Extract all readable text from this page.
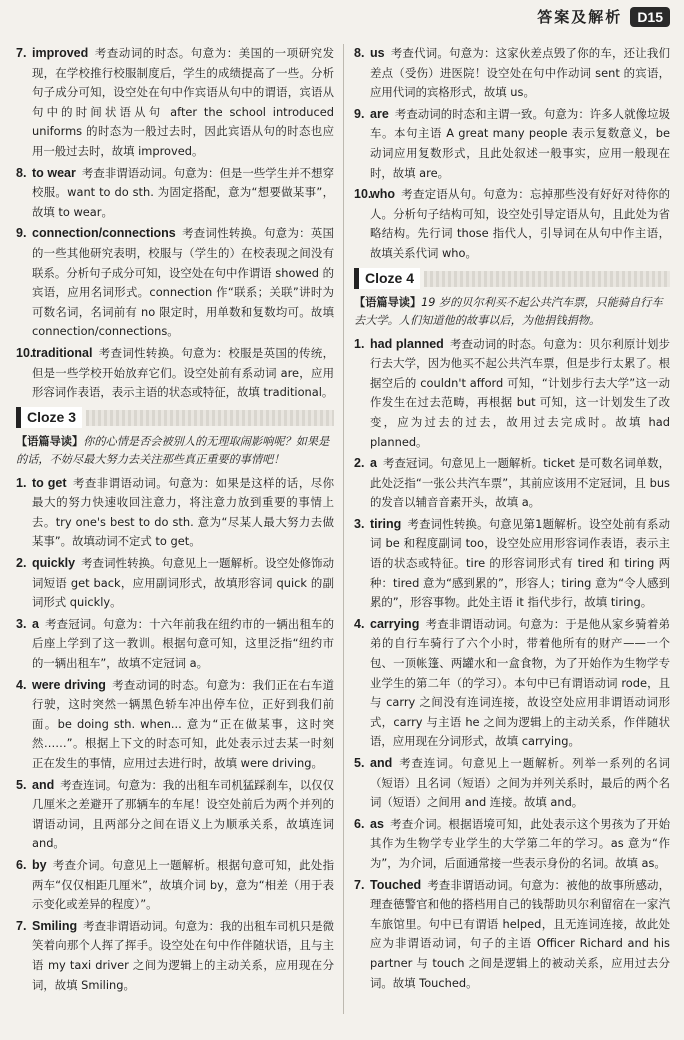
答案及解析	D15
7. improved 考查动词的时态。句意为：美国的一项研究发现，在学校推行校服制度后，学生的成绩提高了一些。分析句子成分可知，设空处在句中作宾语从句中的谓语，宾语从句中的时间状语从句 after the school introduced uniforms 的时态为一般过去时，因此宾语从句的时态也应用一般过去时，故填 improved。
8. to wear 考查非谓语动词。句意为：但是一些学生并不想穿校服。want to do sth. 为固定搭配，意为“想要做某事”，故填 to wear。
9. connection/connections 考查词性转换。句意为：英国的一些其他研究表明，校服与（学生的）在校表现之间没有联系。分析句子成分可知，设空处在句中作谓语 showed 的宾语，应用名词形式。connection 作“联系；关联”讲时为可数名词，名词前有 no 限定时，用单数和复数均可。故填 connection/connections。
10.
traditional 考查词性转换。句意为：校服是英国的传统，但是一些学校开始放弃它们。设空处前有系动词 are，应用形容词作表语，表示主语的状态或特征，故填 traditional。
Cloze 3
【语篇导读】你的心情是否会被别人的无理取闹影响呢？如果是的话，不妨尽最大努力去关注那些真正重要的事情吧！
1. to get 考查非谓语动词。句意为：如果是这样的话，尽你最大的努力快速收回注意力，将注意力放到重要的事情上去。try one's best to do sth. 意为“尽某人最大努力去做某事”。故填动词不定式 to get。
2. quickly 考查词性转换。句意见上一题解析。设空处修饰动词短语 get back，应用副词形式，故填形容词 quick 的副词形式 quickly。
3. a 考查冠词。句意为：十六年前我在纽约市的一辆出租车的后座上学到了这一教训。根据句意可知，这里泛指“纽约市的一辆出租车”，故填不定冠词 a。
4. were driving 考查动词的时态。句意为：我们正在右车道行驶，这时突然一辆黑色轿车冲出停车位，正好到我们前面。be doing sth. when... 意为“正在做某事，这时突然……”。根据上下文的时态可知，此处表示过去某一时刻正在发生的事情，应用过去进行时，故填 were driving。
5. and 考查连词。句意为：我的出租车司机猛踩刹车，以仅仅几厘米之差避开了那辆车的车尾！设空处前后为两个并列的谓语动词，且两部分之间在语义上为顺承关系，故填连词 and。
6. by 考查介词。句意见上一题解析。根据句意可知，此处指两车“仅仅相距几厘米”，故填介词 by，意为“相差（用于表示变化或差异的程度）”。
7. Smiling 考查非谓语动词。句意为：我的出租车司机只是微笑着向那个人挥了挥手。设空处在句中作伴随状语，且与主语 my taxi driver 之间为逻辑上的主动关系，应用现在分词，故填 Smiling。
8. us 考查代词。句意为：这家伙差点毁了你的车，还让我们差点（受伤）进医院！设空处在句中作动词 sent 的宾语，应用代词的宾格形式，故填 us。
9. are 考查动词的时态和主谓一致。句意为：许多人就像垃圾车。本句主语 A great many people 表示复数意义，be 动词应用复数形式，且此处叙述一般事实，应用一般现在时，故填 are。
10.
who 考查定语从句。句意为：忘掉那些没有好好对待你的人。分析句子结构可知，设空处引导定语从句，且此处为省略结构。先行词 those 指代人，引导词在从句中作主语，故填关系代词 who。
Cloze 4
【语篇导读】19 岁的贝尔利买不起公共汽车票，只能骑自行车去大学。人们知道他的故事以后，为他捐钱捐物。
1. had planned 考查动词的时态。句意为：贝尔利原计划步行去大学，因为他买不起公共汽车票，但是步行太累了。根据空后的 couldn't afford 可知，“计划步行去大学”这一动作发生在过去范畴，再根据 but 可知，这一计划发生了改变，应为过去的过去，故用过去完成时。故填 had planned。
2. a 考查冠词。句意见上一题解析。ticket 是可数名词单数，此处泛指“一张公共汽车票”，其前应该用不定冠词，且 bus 的发音以辅音音素开头，故填 a。
3. tiring 考查词性转换。句意见第1题解析。设空处前有系动词 be 和程度副词 too，设空处应用形容词作表语，表示主语的状态或特征。tire 的形容词形式有 tired 和 tiring 两种：tired 意为“感到累的”，形容人；tiring 意为“令人感到累的”，形容事物。此处主语 it 指代步行，故填 tiring。
4. carrying 考查非谓语动词。句意为：于是他从家乡骑着弟弟的自行车骑行了六个小时，带着他所有的财产——一个包、一顶帐篷、两罐水和一盒食物，为了开始作为生物学专业学生的第二年（的学习）。本句中已有谓语动词 rode，且与 carry 之间没有连词连接，故设空处应用非谓语动词形式，carry 与主语 he 之间为逻辑上的主动关系，作伴随状语，应用现在分词形式，故填 carrying。
5. and 考查连词。句意见上一题解析。列举一系列的名词（短语）且名词（短语）之间为并列关系时，最后的两个名词（短语）之间用 and 连接。故填 and。
6. as 考查介词。根据语境可知，此处表示这个男孩为了开始其作为生物学专业学生的大学第二年的学习。as 意为“作为”，为介词，后面通常接一些表示身份的名词。故填 as。
7. Touched 考查非谓语动词。句意为：被他的故事所感动，理查德警官和他的搭档用自己的钱帮助贝尔利留宿在一家汽车旅馆里。句中已有谓语 helped，且无连词连接，故此处应为非谓语动词，句子的主语 Officer Richard and his partner 与 touch 之间是逻辑上的被动关系，应用过去分词。故填 Touched。
